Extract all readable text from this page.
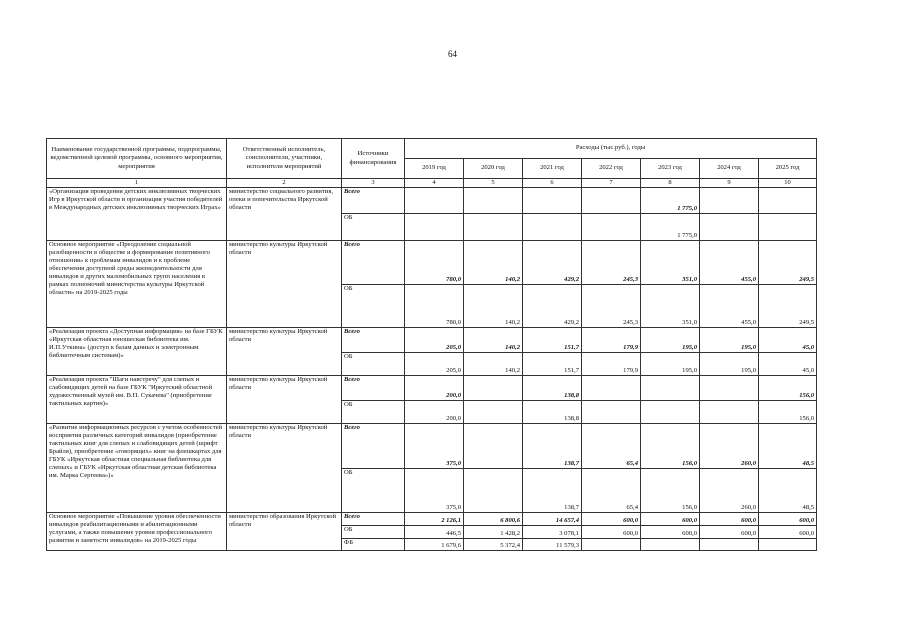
64
Наименование государственной программы, подпрограммы, ведомственной целевой программы, основного мероприятия, мероприятия	Ответственный исполнитель, соисполнители, участники, исполнители мероприятий	Источники финансирования	Расходы (тыс.руб.), годы						
			2019 год	2020 год	2021 год	2022 год	2023 год	2024 год	2025 год
1	2	3	4	5	6	7	8	9	10
«Организация проведения детских инклюзивных творческих Игр в Иркутской области и организация участия победителей в Международных детских инклюзивных творческих Играх»	министерство социального развития, опеки и попечительства Иркутской области	Всего					1 775,0		
		ОБ					1 775,0		
Основное мероприятие «Преодоление социальной разобщенности в обществе и формирование позитивного отношения» к проблемам инвалидов и к проблеме обеспечения доступной среды жизнедеятельности для инвалидов и других маломобильных групп населения в рамках полномочий министерства культуры Иркутской области» на 2019-2025 годы	министерство культуры Иркутской области	Всего	780,0	140,2	429,2	245,3	351,0	455,0	249,5
		ОБ	780,0	140,2	429,2	245,3	351,0	455,0	249,5
«Реализация проекта «Доступная информация» на базе ГБУК «Иркутская областная юношеская библиотека им. И.П.Уткина» (доступ к базам данных и электронным библиотечным системам)»	министерство культуры Иркутской области	Всего	205,0	140,2	151,7	179,9	195,0	195,0	45,0
		ОБ	205,0	140,2	151,7	179,9	195,0	195,0	45,0
«Реализация проекта "Шаги навстречу" для слепых и слабовидящих детей на базе ГБУК "Иркутский областной художественный музей им. В.П. Сукачева" (приобретение тактильных картин)»	министерство культуры Иркутской области	Всего	200,0		138,8				156,0
		ОБ	200,0		138,8				156,0
«Развитие информационных ресурсов с учетом особенностей восприятия различных категорий инвалидов (приобретение тактильных книг для слепых и слабовидящих детей (шрифт Брайля), приобретение «говорящих» книг на флешкартах для ГБУК «Иркутская областная специальная библиотека для слепых» и ГБУК «Иркутская областная детская библиотека им. Марка Сергеева»)»	министерство культуры Иркутской области	Всего	375,0		138,7	65,4	156,0	260,0	48,5
		ОБ	375,0		138,7	65,4	156,0	260,0	48,5
Основное мероприятие «Повышение уровня обеспеченности инвалидов реабилитационными и абилитационными услугами, а также повышение уровня профессионального развития и занятости инвалидов» на 2019-2025 годы	министерство образования Иркутской области	Всего	2 126,1	6 800,6	14 657,4	600,0	600,0	600,0	600,0
		ОБ	446,5	1 428,2	3 078,1	600,0	600,0	600,0	600,0
		ФБ	1 679,6	5 372,4	11 579,3				
